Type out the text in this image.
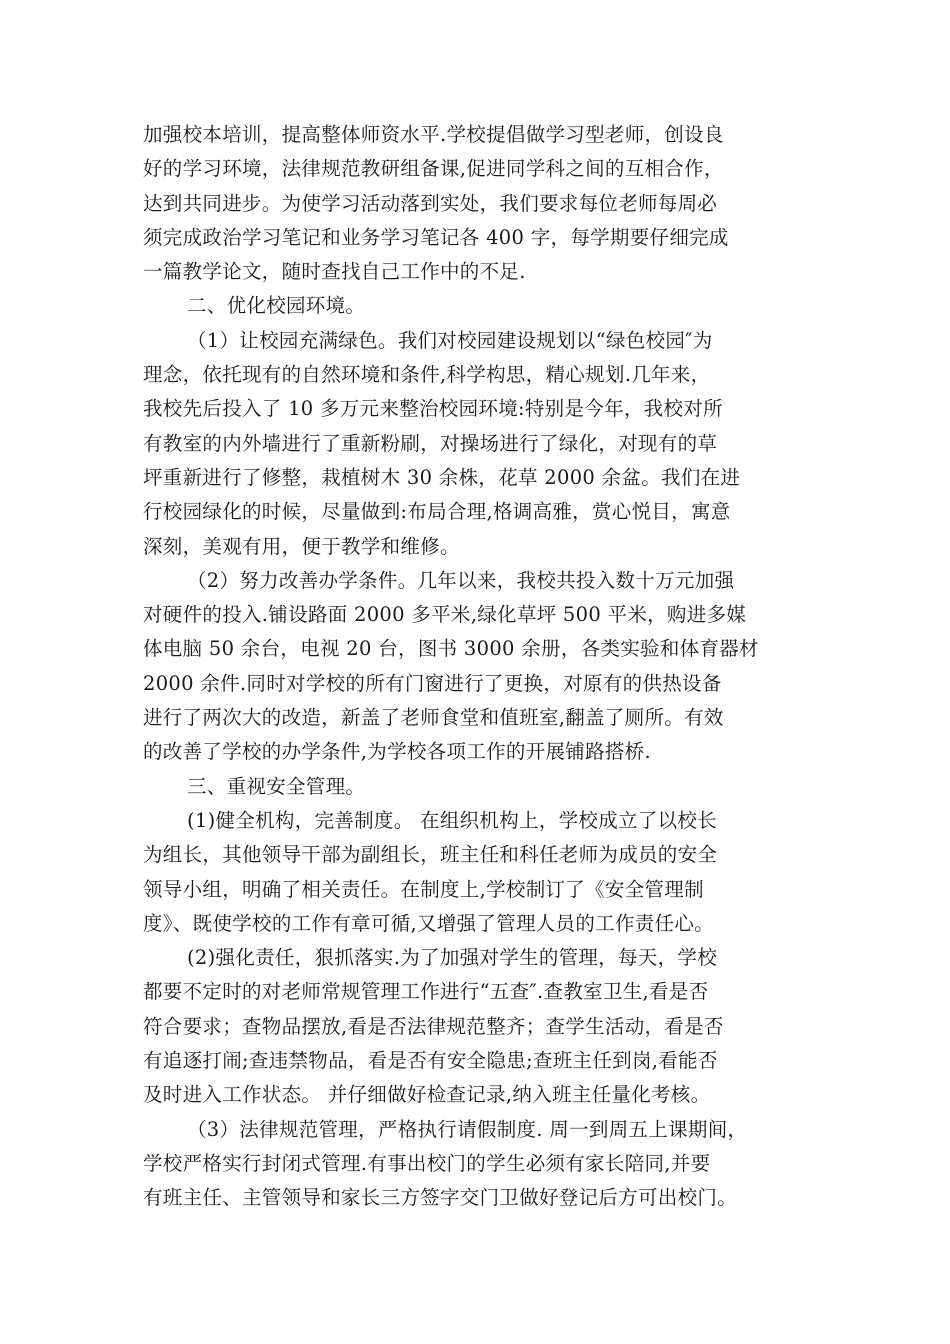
加强校本培训，提高整体师资水平.学校提倡做学习型老师，创设良
好的学习环境，法律规范教研组备课,促进同学科之间的互相合作，
达到共同进步。为使学习活动落到实处，我们要求每位老师每周必
须完成政治学习笔记和业务学习笔记各 400 字，每学期要仔细完成
一篇教学论文，随时查找自己工作中的不足.
二、优化校园环境。
（1）让校园充满绿色。我们对校园建设规划以“绿色校园″为
理念，依托现有的自然环境和条件,科学构思，精心规划.几年来，
我校先后投入了 10 多万元来整治校园环境:特别是今年，我校对所
有教室的内外墙进行了重新粉刷，对操场进行了绿化，对现有的草
坪重新进行了修整，栽植树木 30 余株，花草 2000 余盆。我们在进
行校园绿化的时候，尽量做到:布局合理,格调高雅，赏心悦目，寓意
深刻，美观有用，便于教学和维修。
（2）努力改善办学条件。几年以来，我校共投入数十万元加强
对硬件的投入.铺设路面 2000 多平米,绿化草坪 500 平米，购进多媒
体电脑 50 余台，电视 20 台，图书 3000 余册，各类实验和体育器材
2000 余件.同时对学校的所有门窗进行了更换，对原有的供热设备
进行了两次大的改造，新盖了老师食堂和值班室,翻盖了厕所。有效
的改善了学校的办学条件,为学校各项工作的开展铺路搭桥.
三、重视安全管理。
(1)健全机构，完善制度。 在组织机构上，学校成立了以校长
为组长，其他领导干部为副组长，班主任和科任老师为成员的安全
领导小组，明确了相关责任。在制度上,学校制订了《安全管理制
度》、既使学校的工作有章可循,又增强了管理人员的工作责任心。
(2)强化责任，狠抓落实.为了加强对学生的管理，每天，学校
都要不定时的对老师常规管理工作进行“五查″.查教室卫生,看是否
符合要求；查物品摆放,看是否法律规范整齐；查学生活动，看是否
有追逐打闹;查违禁物品，看是否有安全隐患;查班主任到岗,看能否
及时进入工作状态。 并仔细做好检查记录,纳入班主任量化考核。
（3）法律规范管理，严格执行请假制度. 周一到周五上课期间，
学校严格实行封闭式管理.有事出校门的学生必须有家长陪同,并要
有班主任、主管领导和家长三方签字交门卫做好登记后方可出校门。
